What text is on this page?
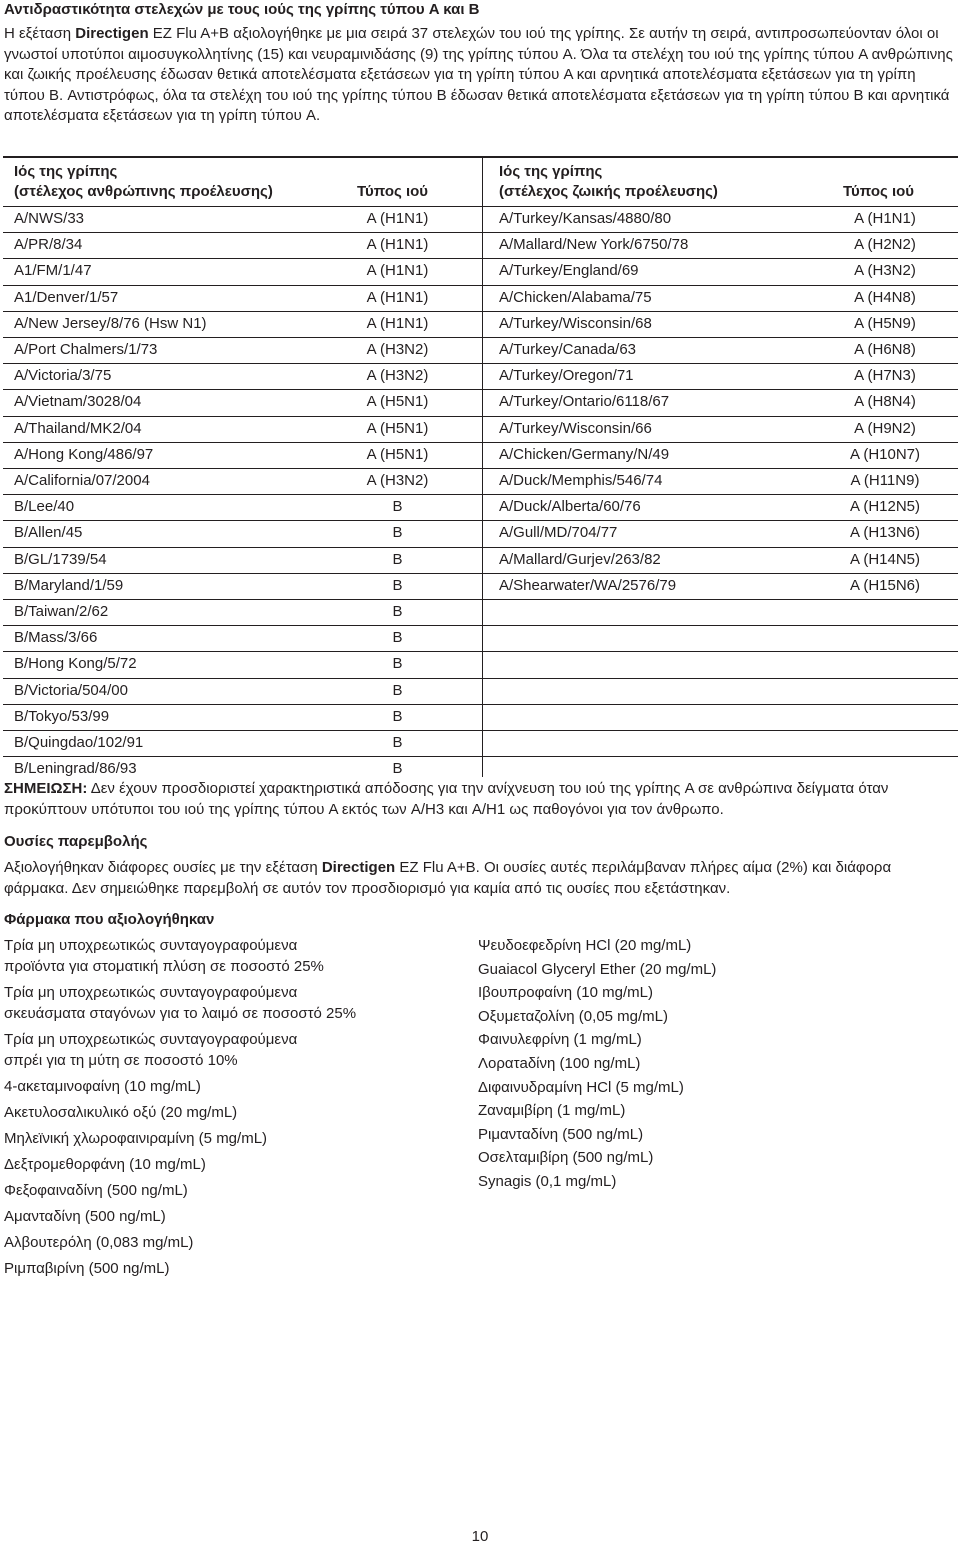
Αντιδραστικότητα στελεχών με τους ιούς της γρίπης τύπου A και B
Η εξέταση Directigen EZ Flu A+B αξιολογήθηκε με μια σειρά 37 στελεχών του ιού της γρίπης. Σε αυτήν τη σειρά, αντιπροσωπεύονταν όλοι οι γνωστοί υποτύποι αιμοσυγκολλητίνης (15) και νευραμινιδάσης (9) της γρίπης τύπου A. Όλα τα στελέχη του ιού της γρίπης τύπου A ανθρώπινης και ζωικής προέλευσης έδωσαν θετικά αποτελέσματα εξετάσεων για τη γρίπη τύπου A και αρνητικά αποτελέσματα εξετάσεων για τη γρίπη τύπου B. Αντιστρόφως, όλα τα στελέχη του ιού της γρίπης τύπου B έδωσαν θετικά αποτελέσματα εξετάσεων για τη γρίπη τύπου B και αρνητικά αποτελέσματα εξετάσεων για τη γρίπη τύπου A.
Ιός της γρίπης
(στέλεχος ανθρώπινης προέλευσης)	Τύπος ιού
Ιός της γρίπης
(στέλεχος ζωικής προέλευσης)	Τύπος ιού
A/NWS/33	A (H1N1)
A/PR/8/34	A (H1N1)
A1/FM/1/47	A (H1N1)
A1/Denver/1/57	A (H1N1)
A/New Jersey/8/76 (Hsw N1)	A (H1N1)
A/Port Chalmers/1/73	A (H3N2)
A/Victoria/3/75	A (H3N2)
A/Vietnam/3028/04	A (H5N1)
A/Thailand/MK2/04	A (H5N1)
A/Hong Kong/486/97	A (H5N1)
A/California/07/2004	A (H3N2)
B/Lee/40	B
B/Allen/45	B
B/GL/1739/54	B
B/Maryland/1/59	B
B/Taiwan/2/62	B
B/Mass/3/66	B
B/Hong Kong/5/72	B
B/Victoria/504/00	B
B/Tokyo/53/99	B
B/Quingdao/102/91	B
B/Leningrad/86/93	B
A/Turkey/Kansas/4880/80	A (H1N1)
A/Mallard/New York/6750/78	A (H2N2)
A/Turkey/England/69	A (H3N2)
A/Chicken/Alabama/75	A (H4N8)
A/Turkey/Wisconsin/68	A (H5N9)
A/Turkey/Canada/63	A (H6N8)
A/Turkey/Oregon/71	A (H7N3)
A/Turkey/Ontario/6118/67	A (H8N4)
A/Turkey/Wisconsin/66	A (H9N2)
A/Chicken/Germany/N/49	A (H10N7)
A/Duck/Memphis/546/74	A (H11N9)
A/Duck/Alberta/60/76	A (H12N5)
A/Gull/MD/704/77	A (H13N6)
A/Mallard/Gurjev/263/82	A (H14N5)
A/Shearwater/WA/2576/79	A (H15N6)
ΣΗΜΕΙΩΣΗ: Δεν έχουν προσδιοριστεί χαρακτηριστικά απόδοσης για την ανίχνευση του ιού της γρίπης A σε ανθρώπινα δείγματα όταν προκύπτουν υπότυποι του ιού της γρίπης τύπου A εκτός των A/H3 και A/H1 ως παθογόνοι για τον άνθρωπο.
Ουσίες παρεμβολής
Αξιολογήθηκαν διάφορες ουσίες με την εξέταση Directigen EZ Flu A+B. Οι ουσίες αυτές περιλάμβαναν πλήρες αίμα (2%) και διάφορα φάρμακα. Δεν σημειώθηκε παρεμβολή σε αυτόν τον προσδιορισμό για καμία από τις ουσίες που εξετάστηκαν.
Φάρμακα που αξιολογήθηκαν
Τρία μη υποχρεωτικώς συνταγογραφούμενα
προϊόντα για στοματική πλύση σε ποσοστό 25%
Τρία μη υποχρεωτικώς συνταγογραφούμενα
σκευάσματα σταγόνων για το λαιμό σε ποσοστό 25%
Τρία μη υποχρεωτικώς συνταγογραφούμενα
σπρέι για τη μύτη σε ποσοστό 10%
4-ακεταμινοφαίνη (10 mg/mL)
Ακετυλοσαλικυλικό οξύ (20 mg/mL)
Μηλεϊνική χλωροφαινιραμίνη (5 mg/mL)
Δεξτρομεθορφάνη (10 mg/mL)
Φεξοφαιναδίνη (500 ng/mL)
Αμανταδίνη (500 ng/mL)
Αλβουτερόλη (0,083 mg/mL)
Ριμπαβιρίνη (500 ng/mL)
Ψευδοεφεδρίνη HCl (20 mg/mL)
Guaiacol Glyceryl Ether (20 mg/mL)
Ιβουπροφαίνη (10 mg/mL)
Οξυμεταζολίνη (0,05 mg/mL)
Φαινυλεφρίνη (1 mg/mL)
Λορατaδίνη (100 ng/mL)
Διφαινυδραμίνη HCl (5 mg/mL)
Ζαναμιβίρη (1 mg/mL)
Ριμανταδίνη (500 ng/mL)
Οσελταμιβίρη (500 ng/mL)
Synagis (0,1 mg/mL)
10
